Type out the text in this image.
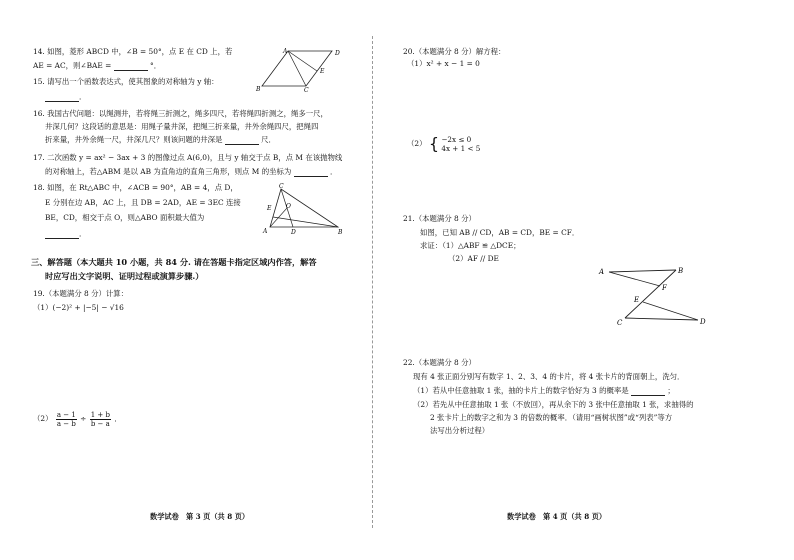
14. 如图，菱形 ABCD 中，∠B = 50°，点 E 在 CD 上，若
AE = AC，则∠BAE =	°．
A	D
B	C
E
15. 请写出一个函数表达式，使其图象的对称轴为 y 轴：
．
16. 我国古代问题：以绳测井，若将绳三折测之，绳多四尺，若将绳四折测之，绳多一尺，
井深几何？这段话的意思是：用绳子量井深，把绳三折来量，井外余绳四尺，把绳四
折来量，井外余绳一尺，井深几尺？则该问题的井深是	尺．
17. 二次函数 y = ax² − 3ax + 3 的图像过点 A(6,0)，且与 y 轴交于点 B，点 M 在该抛物线
的对称轴上，若△ABM 是以 AB 为直角边的直角三角形，则点 M 的坐标为	．
18. 如图，在 Rt△ABC 中，∠ACB = 90°，AB = 4，点 D，
E 分别在边 AB，AC 上，且 DB = 2AD，AE = 3EC 连接
BE，CD，相交于点 O，则△ABO 面积最大值为
．
C
E O
A	D	B
三、解答题（本大题共 10 小题，共 84 分. 请在答题卡指定区域内作答，解答
时应写出文字说明、证明过程或演算步骤.）
19.（本题满分 8 分）计算：
（1）(−2)² + |−5| − √16
$(2) \frac{a - 1}{a - b} \div \frac{1 + b}{b - a}$ ．
数学试卷　第 3 页（共 8 页）
20.（本题满分 8 分）解方程：
（1）x² + x − 1 = 0
（2） { −2x ≤ 0
4x + 1 < 5
21.（本题满分 8 分）
如图，已知 AB // CD，AB = CD，BE = CF．
求证：（1）△ABF ≌ △DCE；
（2）AF // DE
A	B
F
E
C	D
22.（本题满分 8 分）
现有 4 张正面分别写有数字 1、2、3、4 的卡片，将 4 张卡片的背面朝上，洗匀．
（1）若从中任意抽取 1 张，抽的卡片上的数字恰好为 3 的概率是	；
（2）若先从中任意抽取 1 张（不放回），再从余下的 3 张中任意抽取 1 张，求抽得的
2 张卡片上的数字之和为 3 的倍数的概率．（请用“画树状图”或“列表”等方
法写出分析过程）
数学试卷　第 4 页（共 8 页）
